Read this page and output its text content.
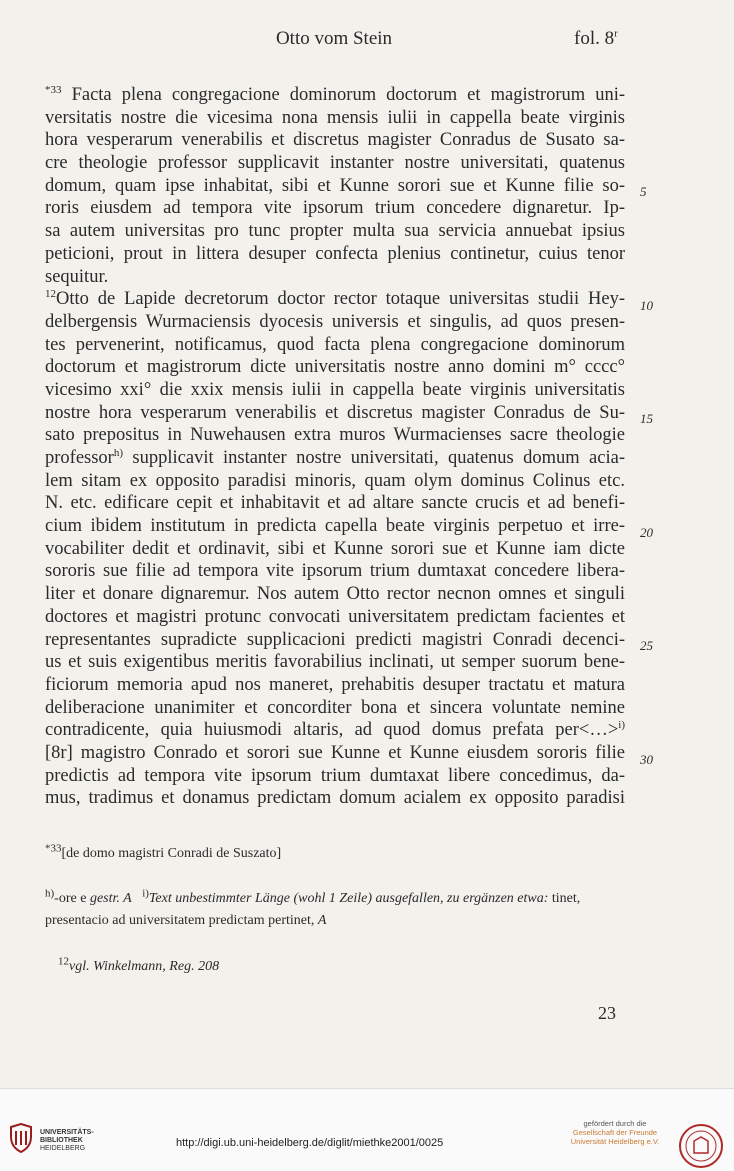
Otto vom Stein	fol. 8$^r$
$^{*33}$ Facta plena congregacione dominorum doctorum et magistrorum uni-
versitatis nostre die vicesima nona mensis iulii in cappella beate virginis
hora vesperarum venerabilis et discretus magister Conradus de Susato sa-
cre theologie professor supplicavit instanter nostre universitati, quatenus
domum, quam ipse inhabitat, sibi et Kunne sorori sue et Kunne filie so-
roris eiusdem ad tempora vite ipsorum trium concedere dignaretur. Ip-
sa autem universitas pro tunc propter multa sua servicia annuebat ipsius
peticioni, prout in littera desuper confecta plenius continetur, cuius tenor
sequitur.
$^{12}$Otto de Lapide decretorum doctor rector totaque universitas studii Hey-
delbergensis Wurmaciensis dyocesis universis et singulis, ad quos presen-
tes pervenerint, notificamus, quod facta plena congregacione dominorum
doctorum et magistrorum dicte universitatis nostre anno domini m° cccc°
vicesimo xxi° die xxix mensis iulii in cappella beate virginis universitatis
nostre hora vesperarum venerabilis et discretus magister Conradus de Su-
sato prepositus in Nuwehausen extra muros Wurmacienses sacre theologie
professor$^{h)}$ supplicavit instanter nostre universitati, quatenus domum acia-
lem sitam ex opposito paradisi minoris, quam olym dominus Colinus etc.
N. etc. edificare cepit et inhabitavit et ad altare sancte crucis et ad benefi-
cium ibidem institutum in predicta capella beate virginis perpetuo et irre-
vocabiliter dedit et ordinavit, sibi et Kunne sorori sue et Kunne iam dicte
sororis sue filie ad tempora vite ipsorum trium dumtaxat concedere libera-
liter et donare dignaremur. Nos autem Otto rector necnon omnes et singuli
doctores et magistri protunc convocati universitatem predictam facientes et
representantes supradicte supplicacioni predicti magistri Conradi decenci-
us et suis exigentibus meritis favorabilius inclinati, ut semper suorum bene-
ficiorum memoria apud nos maneret, prehabitis desuper tractatu et matura
deliberacione unanimiter et concorditer bona et sincera voluntate nemine
contradicente, quia huiusmodi altaris, ad quod domus prefata per<…>$^{i)}$
[8r] magistro Conrado et sorori sue Kunne et Kunne eiusdem sororis filie
predictis ad tempora vite ipsorum trium dumtaxat libere concedimus, da-
mus, tradimus et donamus predictam domum acialem ex opposito paradisi
5
10
15
20
25
30
$^{*33}$[de domo magistri Conradi de Suszato]
$^{h)}$-ore e gestr. A $^{i)}$Text unbestimmter Länge (wohl 1 Zeile) ausgefallen, zu ergänzen etwa: tinet,
presentacio ad universitatem predictam pertinet, A
$^{12}$vgl. Winkelmann, Reg. 208
23
UNIVERSITÄTS-
BIBLIOTHEK
HEIDELBERG	http://digi.ub.uni-heidelberg.de/diglit/miethke2001/0025
gefördert durch die
Gesellschaft der Freunde
Universität Heidelberg e.V.
